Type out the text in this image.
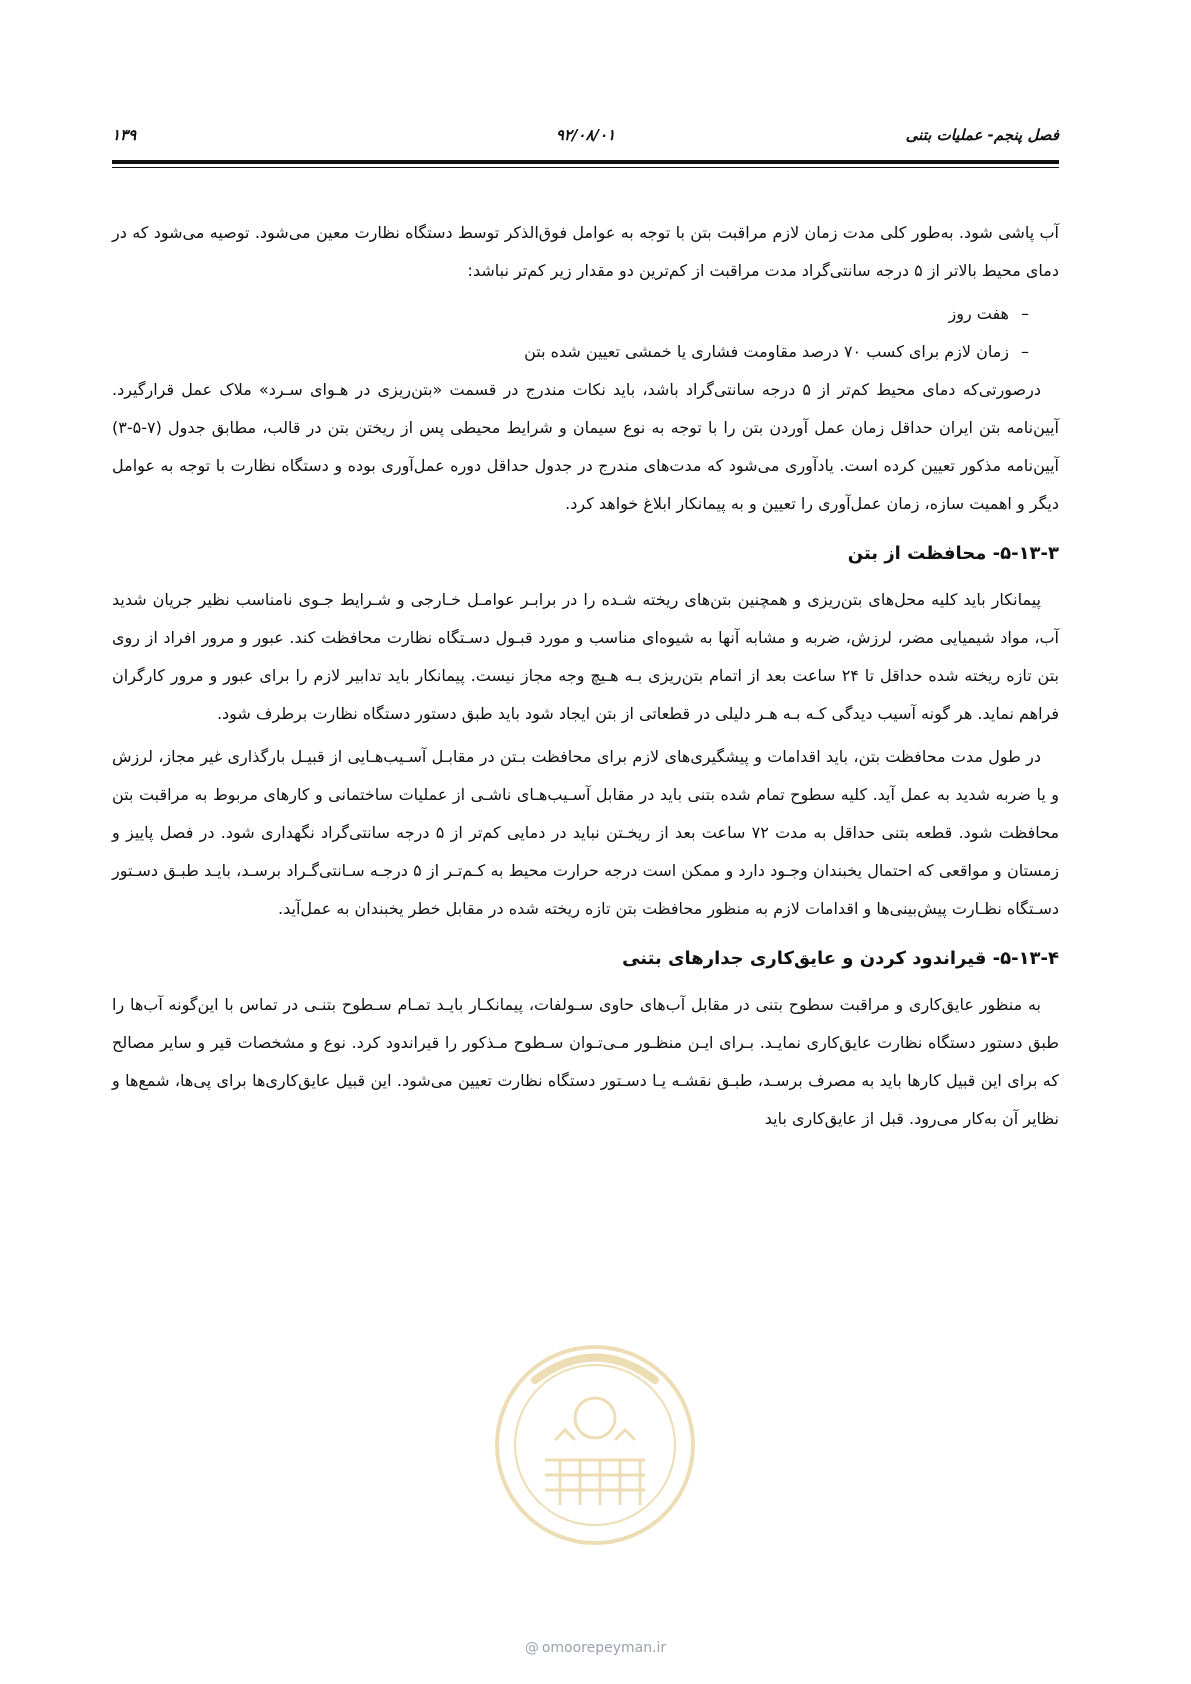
فصل پنجم- عملیات بتنی
۹۲/۰۸/۰۱
۱۳۹

آب پاشی شود. به‌طور کلی مدت زمان لازم مراقبت بتن با توجه به عوامل فوق‌الذکر توسط دستگاه نظارت معین می‌شود. توصیه می‌شود که در دمای محیط بالاتر از ۵ درجه سانتی‌گراد مدت مراقبت از کم‌ترین دو مقدار زیر کم‌تر نباشد:

–هفت روز
–زمان لازم برای کسب ۷۰ درصد مقاومت فشاری یا خمشی تعیین شده بتن

درصورتی‌که دمای محیط کم‌تر از ۵ درجه سانتی‌گراد باشد، باید نکات مندرج در قسمت «بتن‌ریزی در هـوای سـرد» ملاک عمل قرارگیرد. آیین‌نامه بتن ایران حداقل زمان عمل آوردن بتن را با توجه به نوع سیمان و شرایط محیطی پس از ریختن بتن در قالب، مطابق جدول (۷-۵-۳) آیین‌نامه مذکور تعیین کرده است. یادآوری می‌شود که مدت‌های مندرج در جدول حداقل دوره عمل‌آوری بوده و دستگاه نظارت با توجه به عوامل دیگر و اهمیت سازه، زمان عمل‌آوری را تعیین و به پیمانکار ابلاغ خواهد کرد.

۵-۱۳-۳- محافظت از بتن

پیمانکار باید کلیه محل‌های بتن‌ریزی و همچنین بتن‌های ریخته شـده را در برابـر عوامـل خـارجی و شـرایط جـوی نامناسب نظیر جریان شدید آب، مواد شیمیایی مضر، لرزش، ضربه و مشابه آنها به شیوه‌ای مناسب و مورد قبـول دسـتگاه نظارت محافظت کند. عبور و مرور افراد از روی بتن تازه ریخته شده حداقل تا ۲۴ ساعت بعد از اتمام بتن‌ریزی بـه هـیچ وجه مجاز نیست. پیمانکار باید تدابیر لازم را برای عبور و مرور کارگران فراهم نماید. هر گونه آسیب دیدگی کـه بـه هـر دلیلی در قطعاتی از بتن ایجاد شود باید طبق دستور دستگاه نظارت برطرف شود.

در طول مدت محافظت بتن، باید اقدامات و پیشگیری‌های لازم برای محافظت بـتن در مقابـل آسـیب‌هـایی از قبیـل بارگذاری غیر مجاز، لرزش و یا ضربه شدید به عمل آید. کلیه سطوح تمام شده بتنی باید در مقابل آسـیب‌هـای ناشـی از عملیات ساختمانی و کارهای مربوط به مراقبت بتن محافظت شود. قطعه بتنی حداقل به مدت ۷۲ ساعت بعد از ریخـتن نباید در دمایی کم‌تر از ۵ درجه سانتی‌گراد نگهداری شود. در فصل پاییز و زمستان و مواقعی که احتمال یخبندان وجـود دارد و ممکن است درجه حرارت محیط به کـم‌تـر از ۵ درجـه سـانتی‌گـراد برسـد، بایـد طبـق دسـتور دسـتگاه نظـارت پیش‌بینی‌ها و اقدامات لازم به منظور محافظت بتن تازه ریخته شده در مقابل خطر یخبندان به عمل‌آید.

۵-۱۳-۴- قیراندود کردن و عایق‌کاری جدارهای بتنی

به منظور عایق‌کاری و مراقبت سطوح بتنی در مقابل آب‌های حاوی سـولفات، پیمانکـار بایـد تمـام سـطوح بتنـی در تماس با این‌گونه آب‌ها را طبق دستور دستگاه نظارت عایق‌کاری نمایـد. بـرای ایـن منظـور مـی‌تـوان سـطوح مـذکور را قیراندود کرد. نوع و مشخصات قیر و سایر مصالح که برای این قبیل کارها باید به مصرف برسـد، طبـق نقشـه یـا دسـتور دستگاه نظارت تعیین می‌شود. این قبیل عایق‌کاری‌ها برای پی‌ها، شمع‌ها و نظایر آن به‌کار می‌رود. قبل از عایق‌کاری باید

@ omoorepeyman.ir
